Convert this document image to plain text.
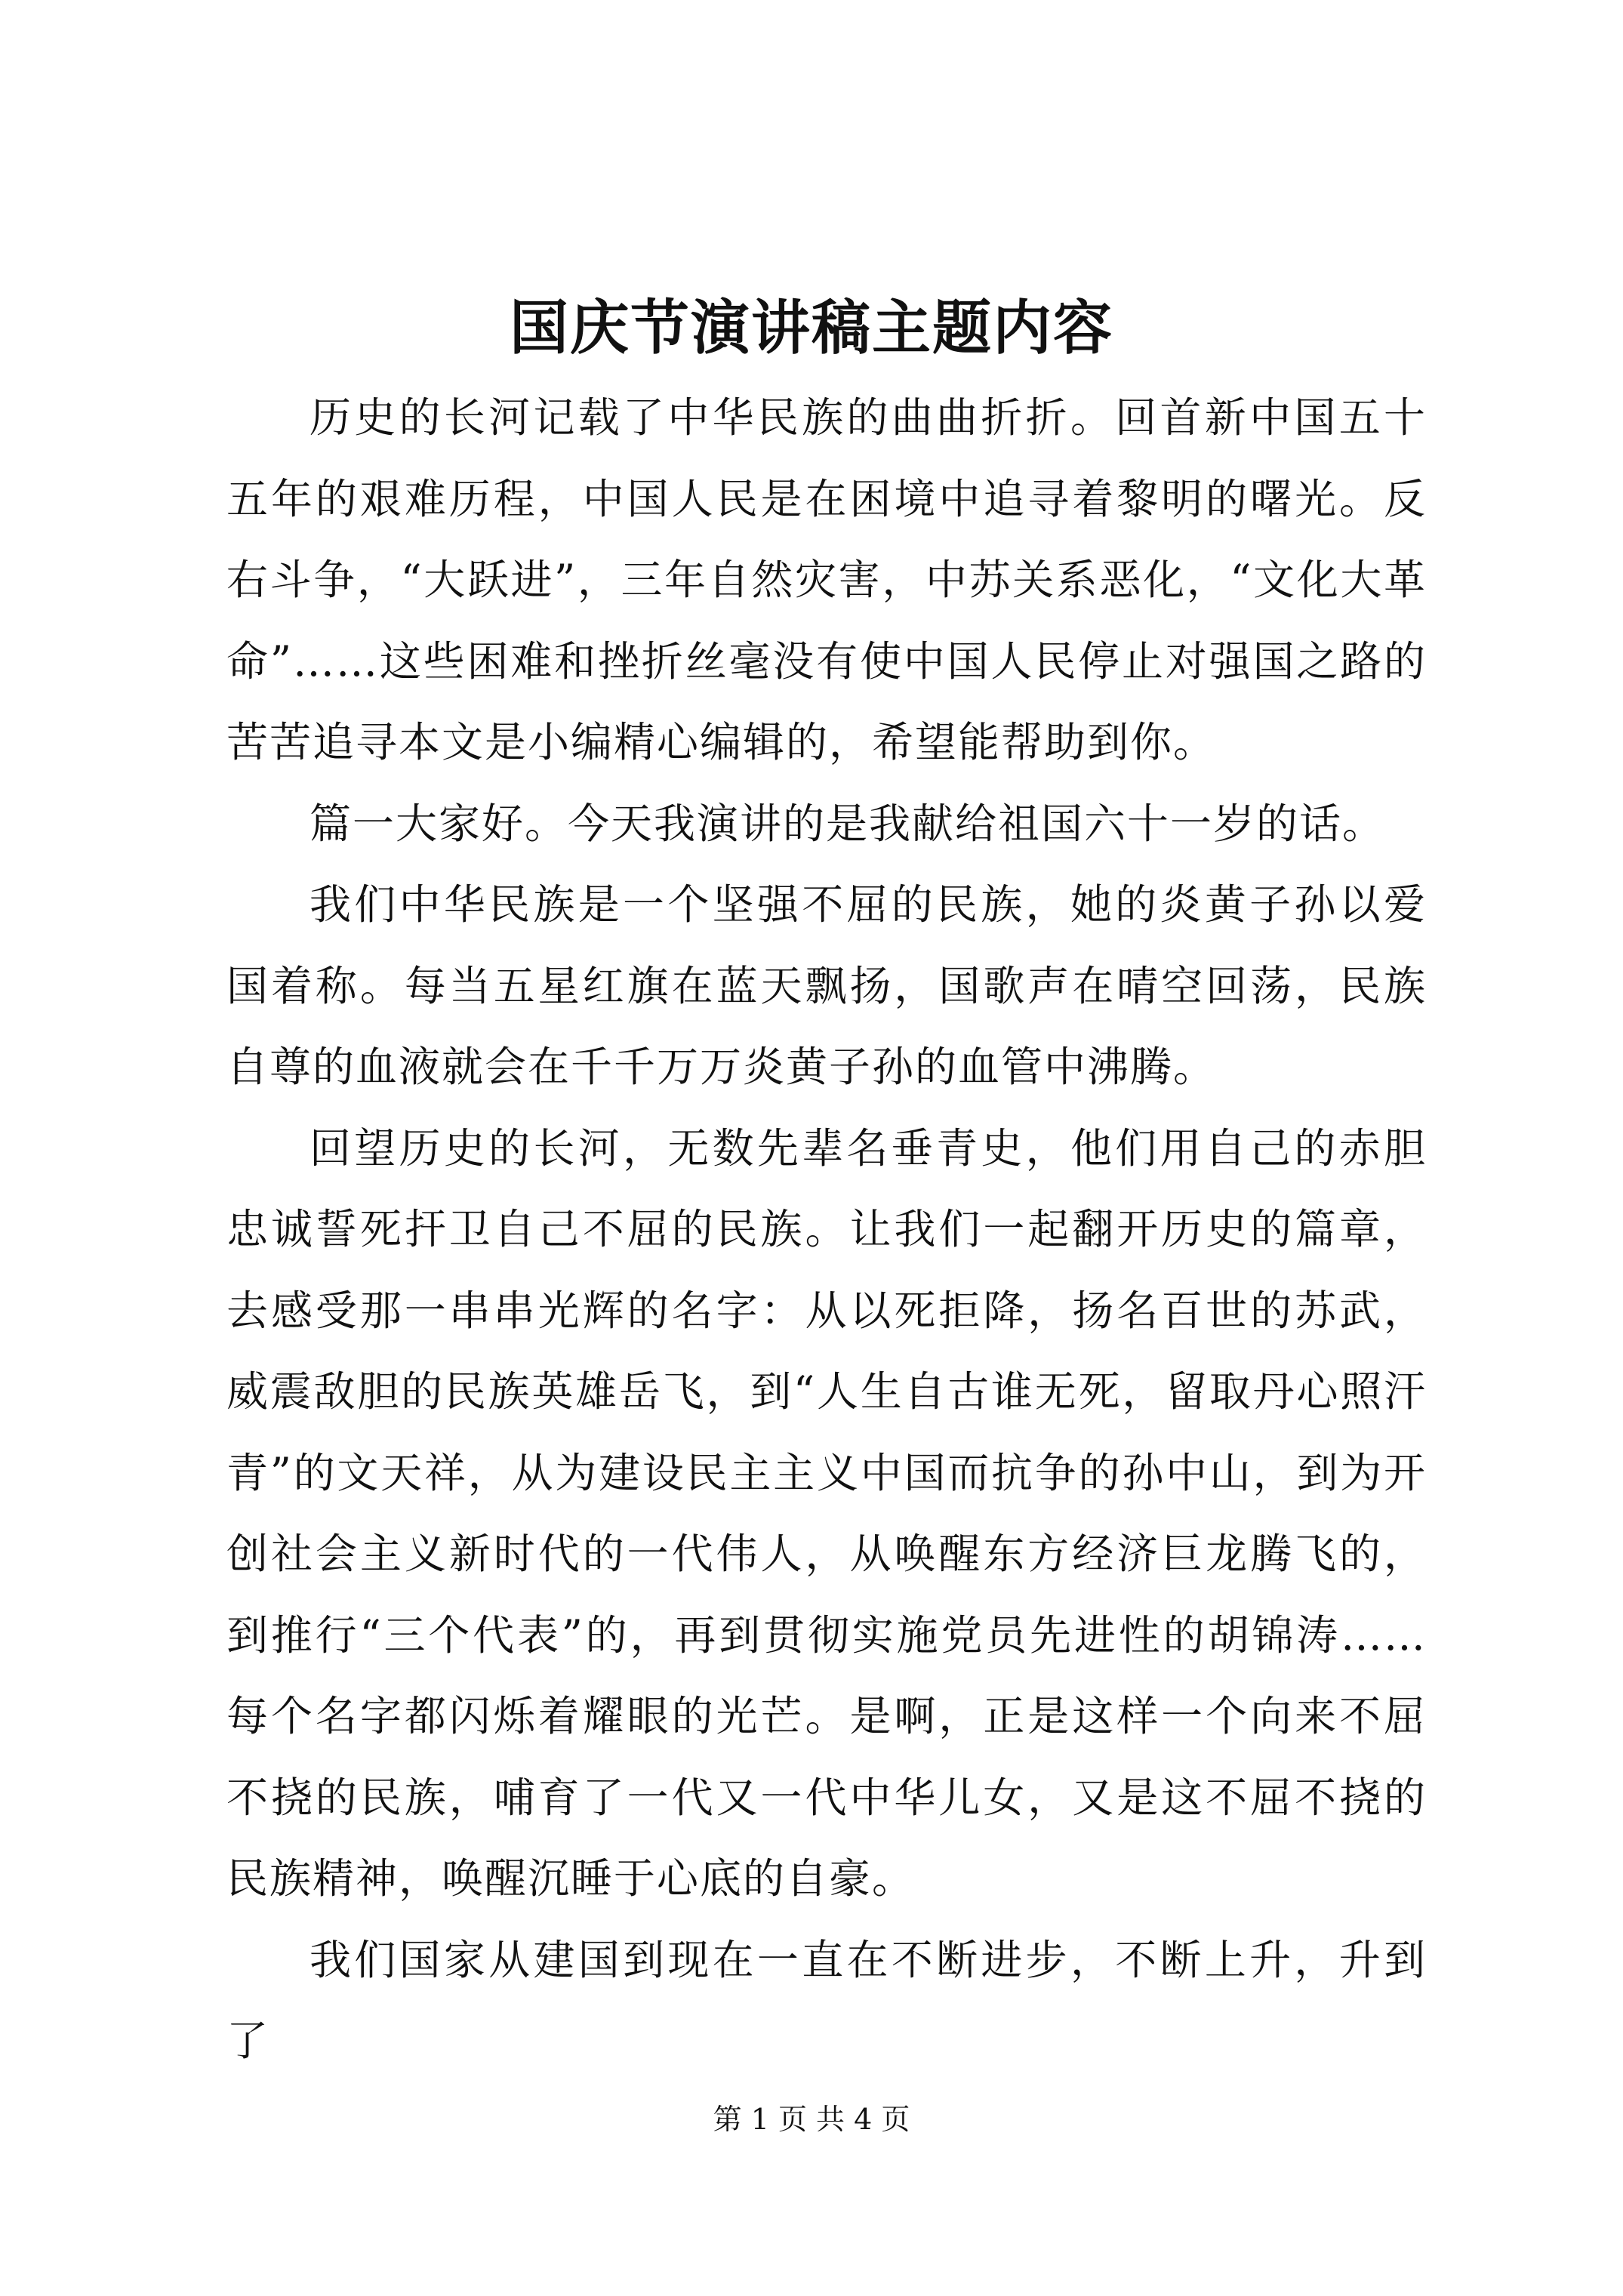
国庆节演讲稿主题内容

历史的长河记载了中华民族的曲曲折折。回首新中国五十五年的艰难历程，中国人民是在困境中追寻着黎明的曙光。反右斗争，“大跃进”，三年自然灾害，中苏关系恶化，“文化大革命”……这些困难和挫折丝毫没有使中国人民停止对强国之路的苦苦追寻本文是小编精心编辑的，希望能帮助到你。

篇一大家好。今天我演讲的是我献给祖国六十一岁的话。

我们中华民族是一个坚强不屈的民族，她的炎黄子孙以爱国着称。每当五星红旗在蓝天飘扬，国歌声在晴空回荡，民族自尊的血液就会在千千万万炎黄子孙的血管中沸腾。

回望历史的长河，无数先辈名垂青史，他们用自己的赤胆忠诚誓死扞卫自己不屈的民族。让我们一起翻开历史的篇章，去感受那一串串光辉的名字：从以死拒降，扬名百世的苏武，威震敌胆的民族英雄岳飞，到“人生自古谁无死，留取丹心照汗青”的文天祥，从为建设民主主义中国而抗争的孙中山，到为开创社会主义新时代的一代伟人，从唤醒东方经济巨龙腾飞的，到推行“三个代表”的，再到贯彻实施党员先进性的胡锦涛……每个名字都闪烁着耀眼的光芒。是啊，正是这样一个向来不屈不挠的民族，哺育了一代又一代中华儿女，又是这不屈不挠的民族精神，唤醒沉睡于心底的自豪。

我们国家从建国到现在一直在不断进步，不断上升，升到了

第 1 页 共 4 页
